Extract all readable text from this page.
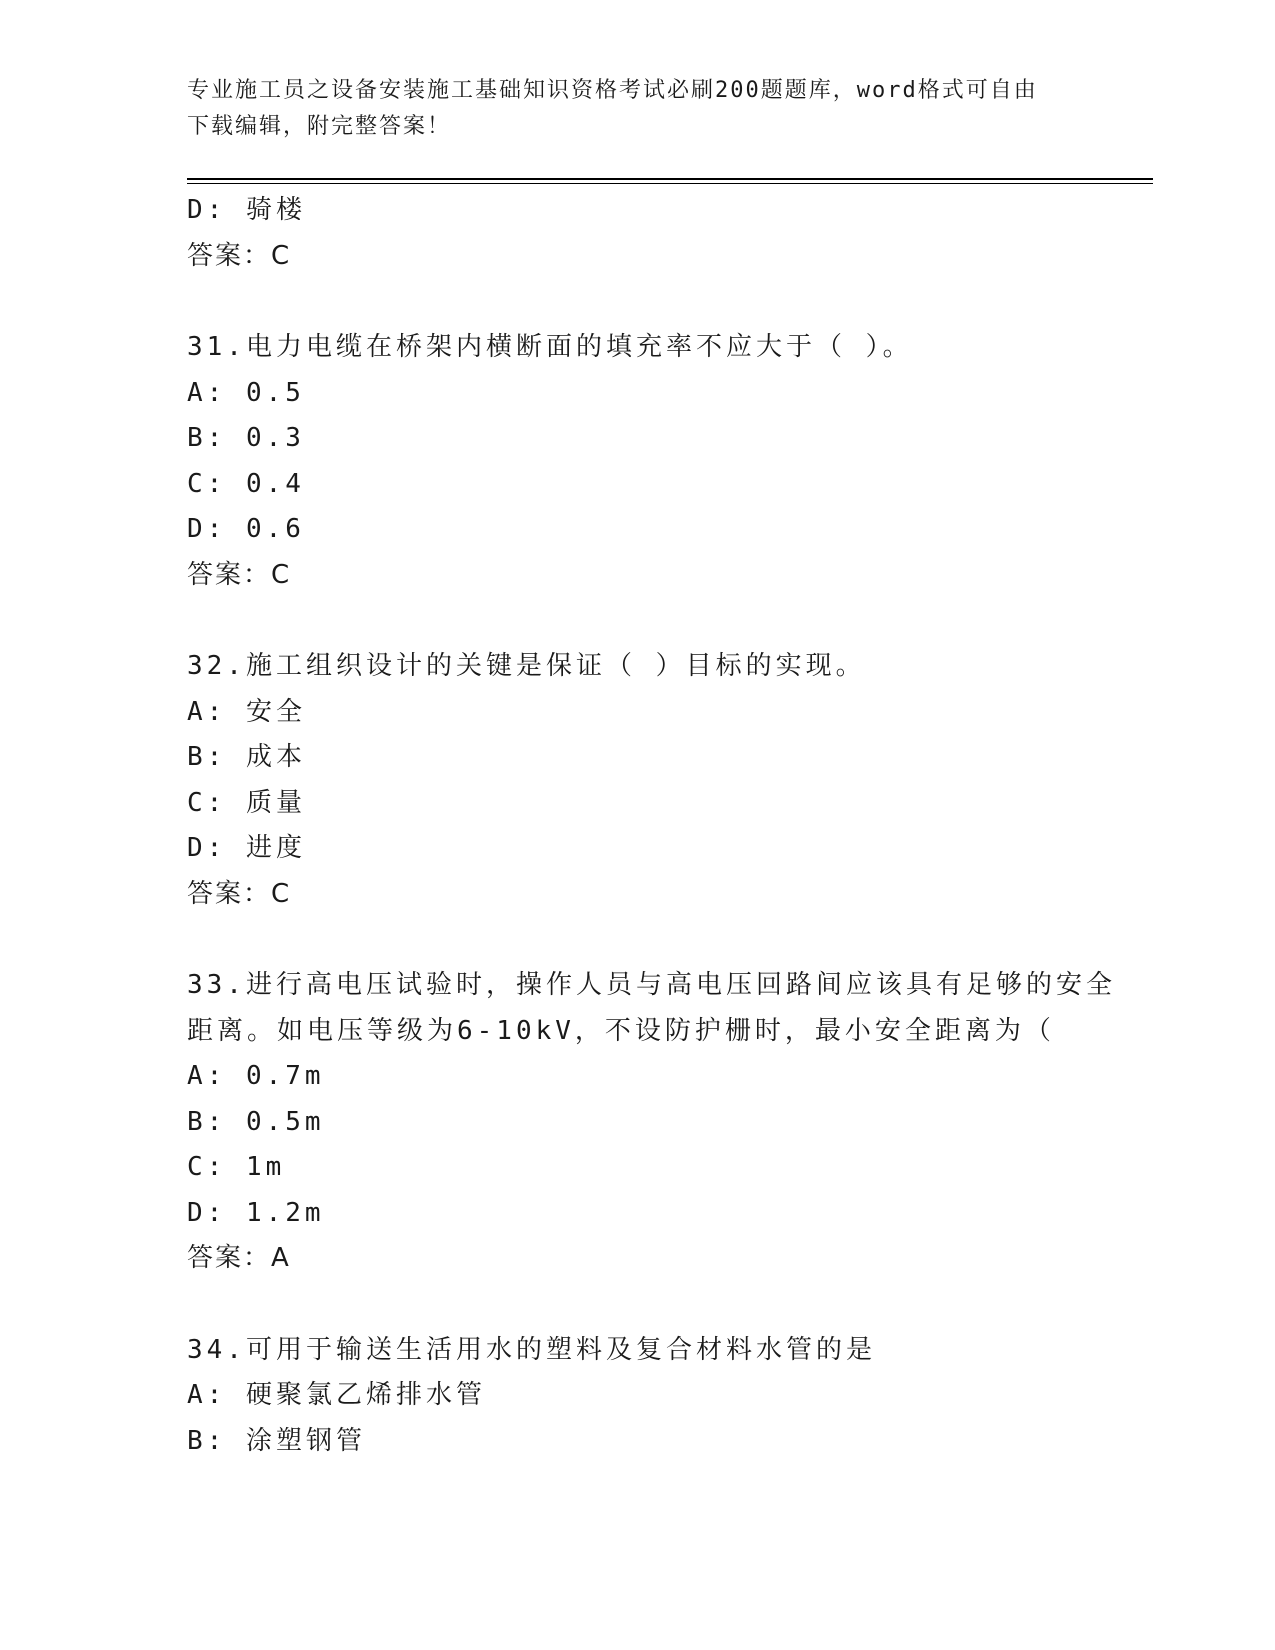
专业施工员之设备安装施工基础知识资格考试必刷200题题库，word格式可自由
下载编辑，附完整答案！
D: 骑楼
答案：C
31.电力电缆在桥架内横断面的填充率不应大于（ ）。
A: 0.5
B: 0.3
C: 0.4
D: 0.6
答案：C
32.施工组织设计的关键是保证（ ）目标的实现。
A: 安全
B: 成本
C: 质量
D: 进度
答案：C
33.进行高电压试验时，操作人员与高电压回路间应该具有足够的安全
距离。如电压等级为6-10kV，不设防护栅时，最小安全距离为（
A: 0.7m
B: 0.5m
C: 1m
D: 1.2m
答案：A
34.可用于输送生活用水的塑料及复合材料水管的是
A: 硬聚氯乙烯排水管
B: 涂塑钢管
